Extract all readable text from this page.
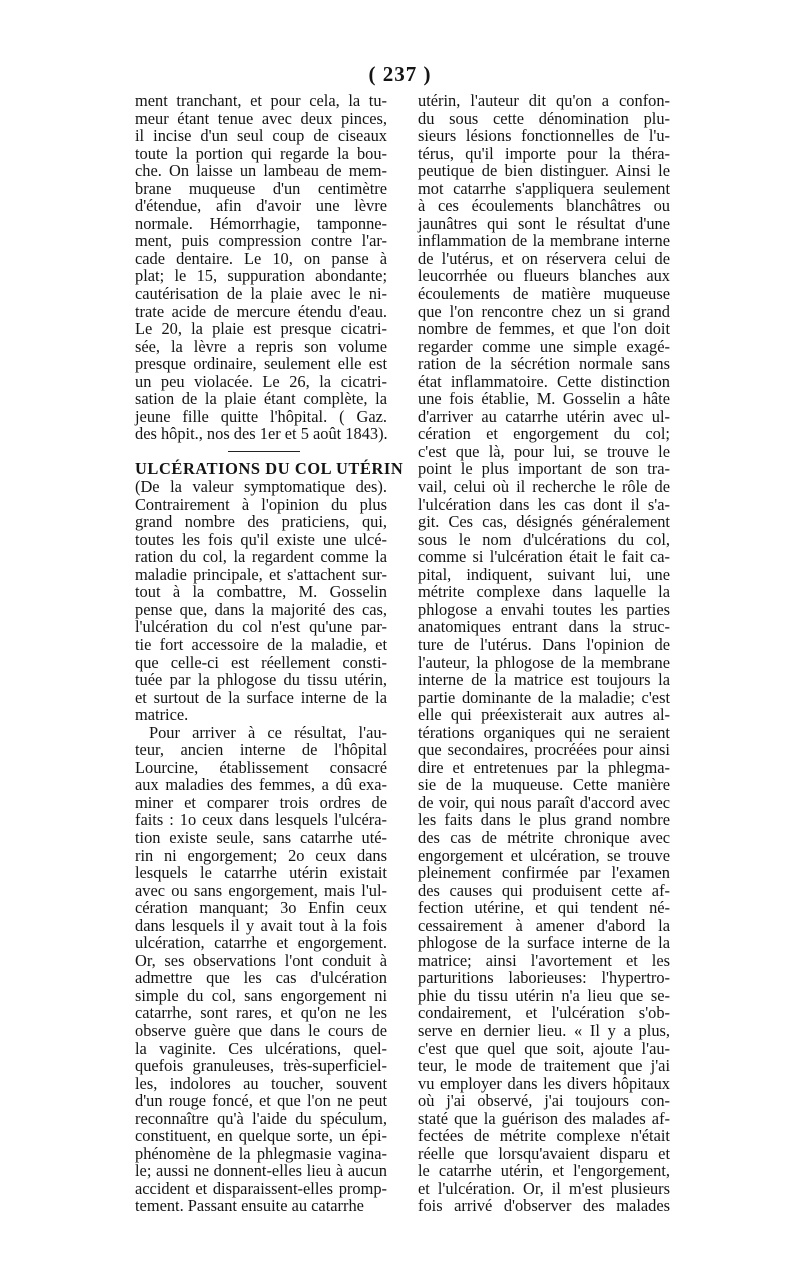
( 237 )
ment tranchant, et pour cela, la tu-
meur étant tenue avec deux pinces,
il incise d'un seul coup de ciseaux
toute la portion qui regarde la bou-
che. On laisse un lambeau de mem-
brane muqueuse d'un centimètre
d'étendue, afin d'avoir une lèvre
normale. Hémorrhagie, tamponne-
ment, puis compression contre l'ar-
cade dentaire. Le 10, on panse à
plat; le 15, suppuration abondante;
cautérisation de la plaie avec le ni-
trate acide de mercure étendu d'eau.
Le 20, la plaie est presque cicatri-
sée, la lèvre a repris son volume
presque ordinaire, seulement elle est
un peu violacée. Le 26, la cicatri-
sation de la plaie étant complète, la
jeune fille quitte l'hôpital. ( Gaz.
des hôpit., nos des 1er et 5 août 1843).
ULCÉRATIONS DU COL UTÉRIN
(De la valeur symptomatique des).
Contrairement à l'opinion du plus
grand nombre des praticiens, qui,
toutes les fois qu'il existe une ulcé-
ration du col, la regardent comme la
maladie principale, et s'attachent sur-
tout à la combattre, M. Gosselin
pense que, dans la majorité des cas,
l'ulcération du col n'est qu'une par-
tie fort accessoire de la maladie, et
que celle-ci est réellement consti-
tuée par la phlogose du tissu utérin,
et surtout de la surface interne de la
matrice.
Pour arriver à ce résultat, l'au-
teur, ancien interne de l'hôpital
Lourcine, établissement consacré
aux maladies des femmes, a dû exa-
miner et comparer trois ordres de
faits : 1o ceux dans lesquels l'ulcéra-
tion existe seule, sans catarrhe uté-
rin ni engorgement; 2o ceux dans
lesquels le catarrhe utérin existait
avec ou sans engorgement, mais l'ul-
cération manquant; 3o Enfin ceux
dans lesquels il y avait tout à la fois
ulcération, catarrhe et engorgement.
Or, ses observations l'ont conduit à
admettre que les cas d'ulcération
simple du col, sans engorgement ni
catarrhe, sont rares, et qu'on ne les
observe guère que dans le cours de
la vaginite. Ces ulcérations, quel-
quefois granuleuses, très-superficiel-
les, indolores au toucher, souvent
d'un rouge foncé, et que l'on ne peut
reconnaître qu'à l'aide du spéculum,
constituent, en quelque sorte, un épi-
phénomène de la phlegmasie vagina-
le; aussi ne donnent-elles lieu à aucun
accident et disparaissent-elles promp-
tement. Passant ensuite au catarrhe
utérin, l'auteur dit qu'on a confon-
du sous cette dénomination plu-
sieurs lésions fonctionnelles de l'u-
térus, qu'il importe pour la théra-
peutique de bien distinguer. Ainsi le
mot catarrhe s'appliquera seulement
à ces écoulements blanchâtres ou
jaunâtres qui sont le résultat d'une
inflammation de la membrane interne
de l'utérus, et on réservera celui de
leucorrhée ou flueurs blanches aux
écoulements de matière muqueuse
que l'on rencontre chez un si grand
nombre de femmes, et que l'on doit
regarder comme une simple exagé-
ration de la sécrétion normale sans
état inflammatoire. Cette distinction
une fois établie, M. Gosselin a hâte
d'arriver au catarrhe utérin avec ul-
cération et engorgement du col;
c'est que là, pour lui, se trouve le
point le plus important de son tra-
vail, celui où il recherche le rôle de
l'ulcération dans les cas dont il s'a-
git. Ces cas, désignés généralement
sous le nom d'ulcérations du col,
comme si l'ulcération était le fait ca-
pital, indiquent, suivant lui, une
métrite complexe dans laquelle la
phlogose a envahi toutes les parties
anatomiques entrant dans la struc-
ture de l'utérus. Dans l'opinion de
l'auteur, la phlogose de la membrane
interne de la matrice est toujours la
partie dominante de la maladie; c'est
elle qui préexisterait aux autres al-
térations organiques qui ne seraient
que secondaires, procréées pour ainsi
dire et entretenues par la phlegma-
sie de la muqueuse. Cette manière
de voir, qui nous paraît d'accord avec
les faits dans le plus grand nombre
des cas de métrite chronique avec
engorgement et ulcération, se trouve
pleinement confirmée par l'examen
des causes qui produisent cette af-
fection utérine, et qui tendent né-
cessairement à amener d'abord la
phlogose de la surface interne de la
matrice; ainsi l'avortement et les
parturitions laborieuses: l'hypertro-
phie du tissu utérin n'a lieu que se-
condairement, et l'ulcération s'ob-
serve en dernier lieu. « Il y a plus,
c'est que quel que soit, ajoute l'au-
teur, le mode de traitement que j'ai
vu employer dans les divers hôpitaux
où j'ai observé, j'ai toujours con-
staté que la guérison des malades af-
fectées de métrite complexe n'était
réelle que lorsqu'avaient disparu et
le catarrhe utérin, et l'engorgement,
et l'ulcération. Or, il m'est plusieurs
fois arrivé d'observer des malades
